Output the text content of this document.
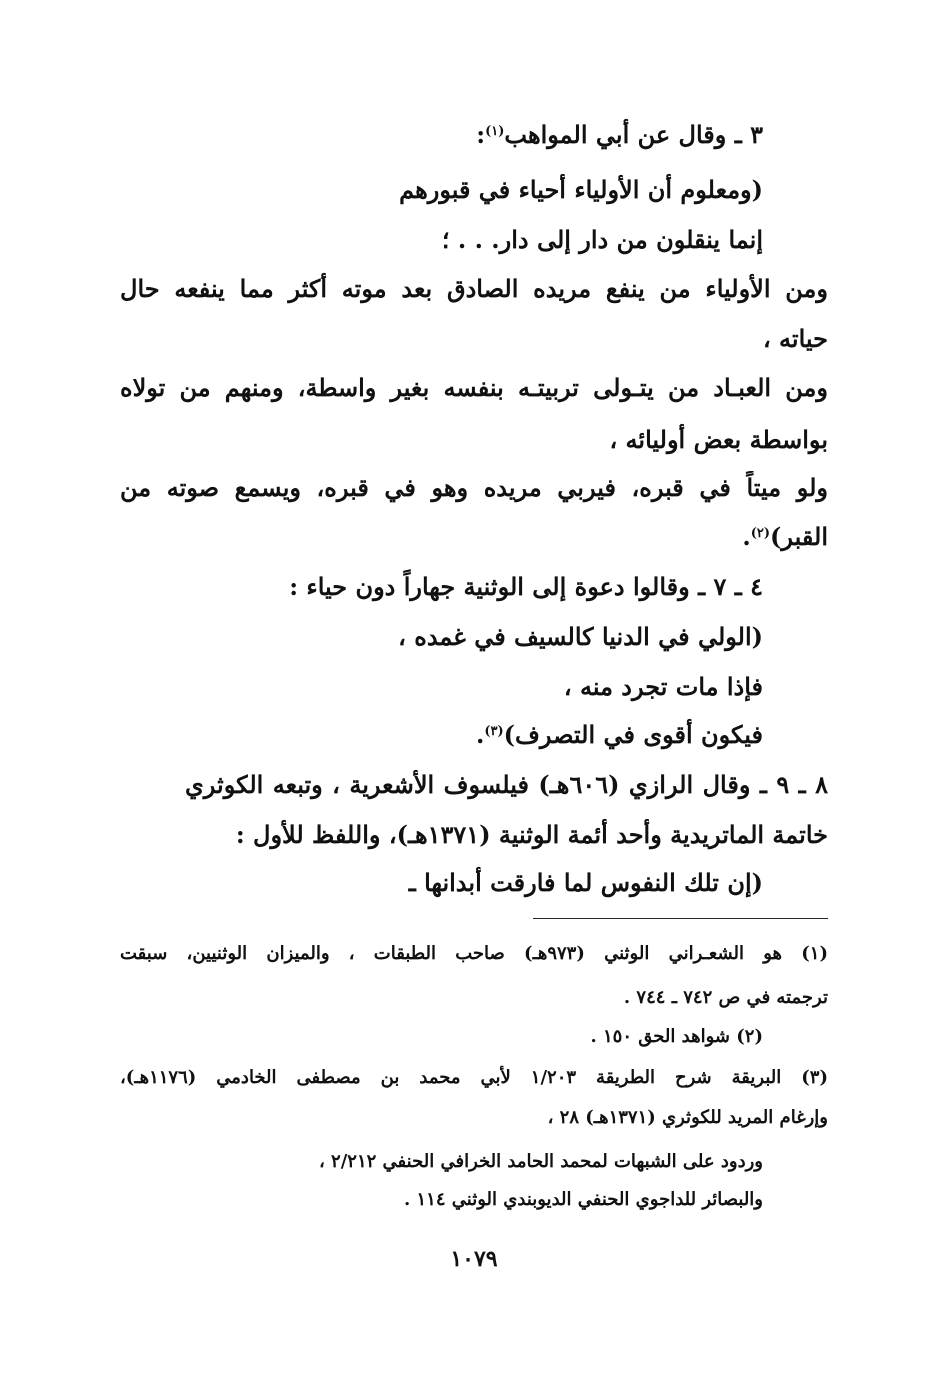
٣ ـ وقال عن أبي المواهب$^{(١)}$:
(ومعلوم أن الأولياء أحياء في قبورهم
إنما ينقلون من دار إلى دار. . . ؛
ومن الأولياء من ينفع مريده الصادق بعد موته أكثر مما ينفعه حال
حياته ،
ومن العبـاد من يتـولى تربيتـه بنفسه بغير واسطة، ومنهم من تولاه
بواسطة بعض أوليائه ،
ولو ميتاً في قبره، فيربي مريده وهو في قبره، ويسمع صوته من
القبر)$^{(٢)}$.
٤ ـ ٧ ـ وقالوا دعوة إلى الوثنية جهاراً دون حياء :
(الولي في الدنيا كالسيف في غمده ،
فإذا مات تجرد منه ،
فيكون أقوى في التصرف)$^{(٣)}$.
٨ ـ ٩ ـ وقال الرازي (٦٠٦هـ) فيلسوف الأشعرية ، وتبعه الكوثري
خاتمة الماتريدية وأحد أئمة الوثنية (١٣٧١هـ)، واللفظ للأول :
(إن تلك النفوس لما فارقت أبدانها ـ
(١) هو الشعـراني الوثني (٩٧٣هـ) صاحب الطبقات ، والميزان الوثنيين، سبقت
ترجمته في ص ٧٤٢ ـ ٧٤٤ .
(٢) شواهد الحق ١٥٠ .
(٣) البريقة شرح الطريقة ١/٢٠٣ لأبي محمد بن مصطفى الخادمي (١١٧٦هـ)،
وإرغام المريد للكوثري (١٣٧١هـ) ٢٨ ،
وردود على الشبهات لمحمد الحامد الخرافي الحنفي ٢/٢١٢ ،
والبصائر للداجوي الحنفي الديوبندي الوثني ١١٤ .
١٠٧٩
